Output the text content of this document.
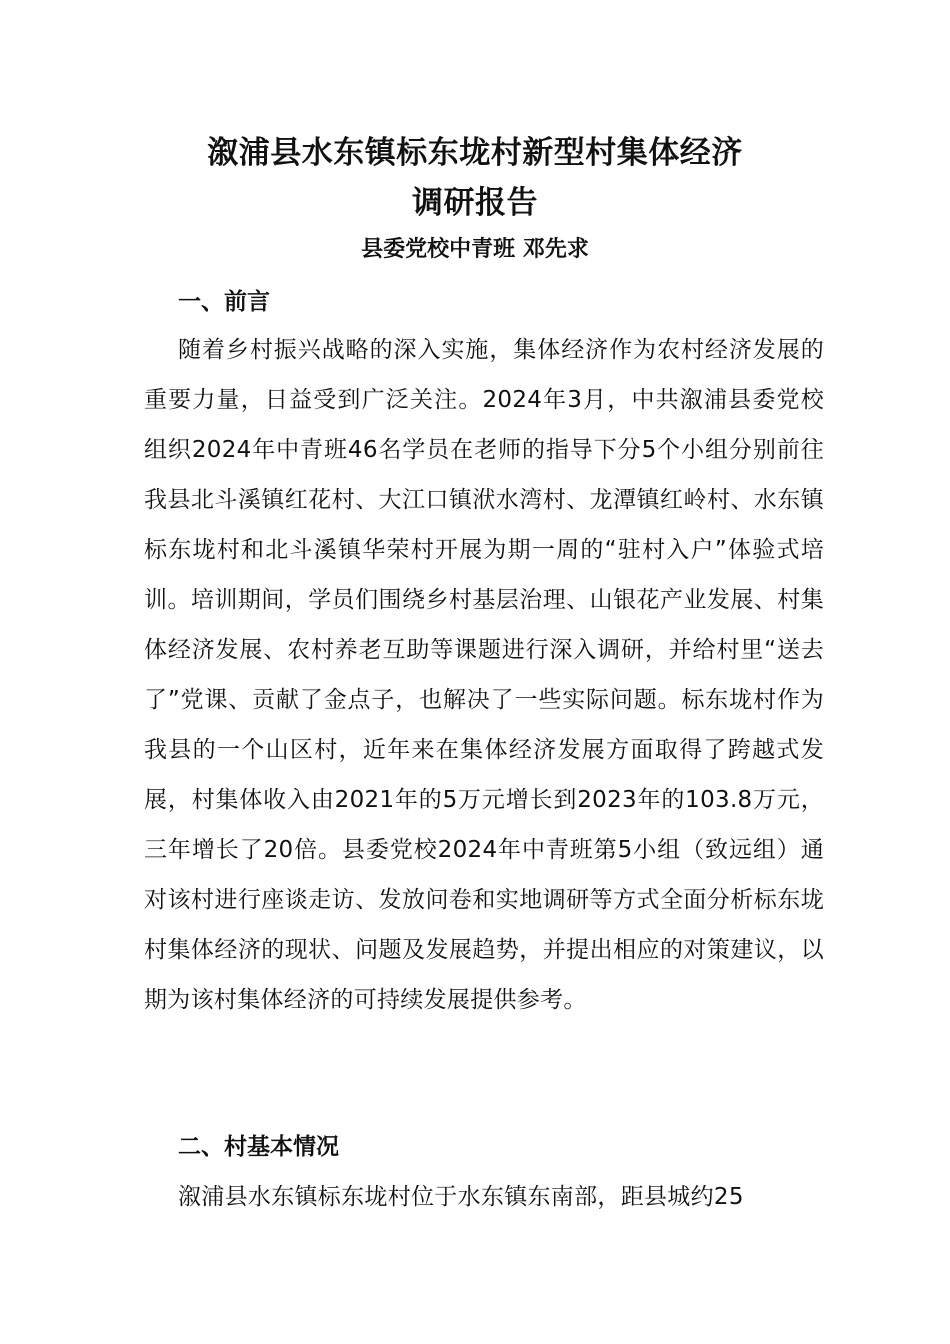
溆浦县水东镇标东垅村新型村集体经济
调研报告
县委党校中青班 邓先求
一、前言

随着乡村振兴战略的深入实施，集体经济作为农村经济发展的重要力量，日益受到广泛关注。2024年3月，中共溆浦县委党校组织2024年中青班46名学员在老师的指导下分5个小组分别前往我县北斗溪镇红花村、大江口镇洑水湾村、龙潭镇红岭村、水东镇标东垅村和北斗溪镇华荣村开展为期一周的“驻村入户”体验式培训。培训期间，学员们围绕乡村基层治理、山银花产业发展、村集体经济发展、农村养老互助等课题进行深入调研，并给村里“送去了”党课、贡献了金点子，也解决了一些实际问题。标东垅村作为我县的一个山区村，近年来在集体经济发展方面取得了跨越式发展，村集体收入由2021年的5万元增长到2023年的103.8万元，三年增长了20倍。县委党校2024年中青班第5小组（致远组）通对该村进行座谈走访、发放问卷和实地调研等方式全面分析标东垅村集体经济的现状、问题及发展趋势，并提出相应的对策建议，以期为该村集体经济的可持续发展提供参考。

二、村基本情况

溆浦县水东镇标东垅村位于水东镇东南部，距县城约25
